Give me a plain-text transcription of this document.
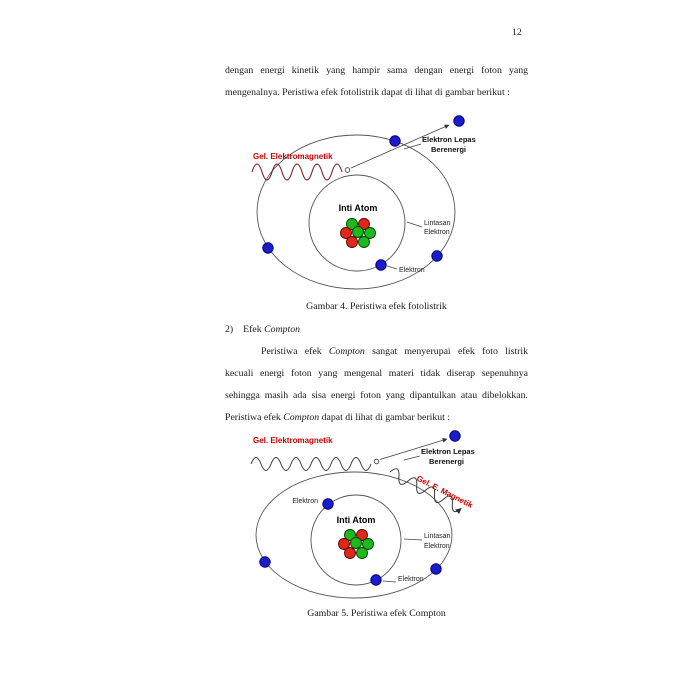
12
dengan energi kinetik yang hampir sama dengan energi foton yang
mengenalnya. Peristiwa efek fotolistrik dapat di lihat di gambar berikut :
Gel. Elektromagnetik
Elektron Lepas
Berenergi
Inti Atom
Lintasan
Elektron
Elektron
Gambar 4. Peristiwa efek fotolistrik
2) Efek Compton
Peristiwa efek Compton sangat menyerupai efek foto listrik
kecuali energi foton yang mengenal materi tidak diserap sepenuhnya
sehingga masih ada sisa energi foton yang dipantulkan atau dibelokkan.
Peristiwa efek Compton dapat di lihat di gambar berikut :
Gel. E. Magnetik
Gel. Elektromagnetik
Elektron Lepas
Berenergi
Elektron
Inti Atom
Lintasan
Elektron
Elektron
Gambar 5. Peristiwa efek Compton
